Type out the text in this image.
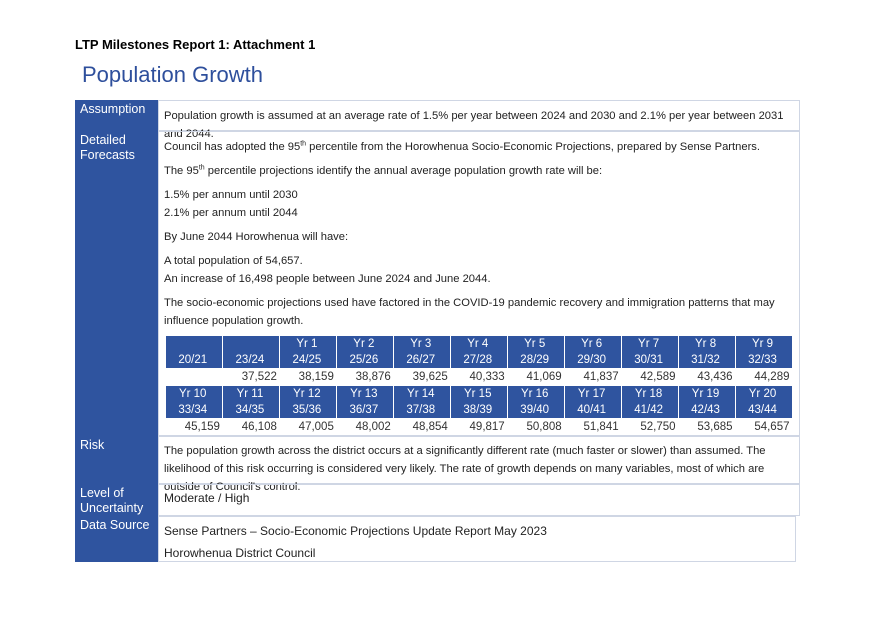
LTP Milestones Report 1: Attachment 1
Population Growth
Assumption	Population growth is assumed at an average rate of 1.5% per year between 2024 and 2030 and 2.1% per year between 2031 and 2044.
Detailed
Forecasts

Council has adopted the 95th percentile from the Horowhenua Socio-Economic Projections, prepared by Sense Partners.

The 95th percentile projections identify the annual average population growth rate will be:

1.5% per annum until 2030
2.1% per annum until 2044

By June 2044 Horowhenua will have:

A total population of 54,657.
An increase of 16,498 people between June 2024 and June 2044.

The socio-economic projections used have factored in the COVID-19 pandemic recovery and immigration patterns that may influence population growth.

		Yr 1	Yr 2	Yr 3	Yr 4	Yr 5	Yr 6	Yr 7	Yr 8	Yr 9
20/21	23/24	24/25	25/26	26/27	27/28	28/29	29/30	30/31	31/32	32/33
	37,522	38,159	38,876	39,625	40,333	41,069	41,837	42,589	43,436	44,289
Yr 10	Yr 11	Yr 12	Yr 13	Yr 14	Yr 15	Yr 16	Yr 17	Yr 18	Yr 19	Yr 20
33/34	34/35	35/36	36/37	37/38	38/39	39/40	40/41	41/42	42/43	43/44
45,159	46,108	47,005	48,002	48,854	49,817	50,808	51,841	52,750	53,685	54,657
Risk	The population growth across the district occurs at a significantly different rate (much faster or slower) than assumed. The likelihood of this risk occurring is considered very likely. The rate of growth depends on many variables, most of which are outside of Council's control.
Level of
Uncertainty
Moderate / High
Data Source	Sense Partners – Socio-Economic Projections Update Report May 2023
Horowhenua District Council
